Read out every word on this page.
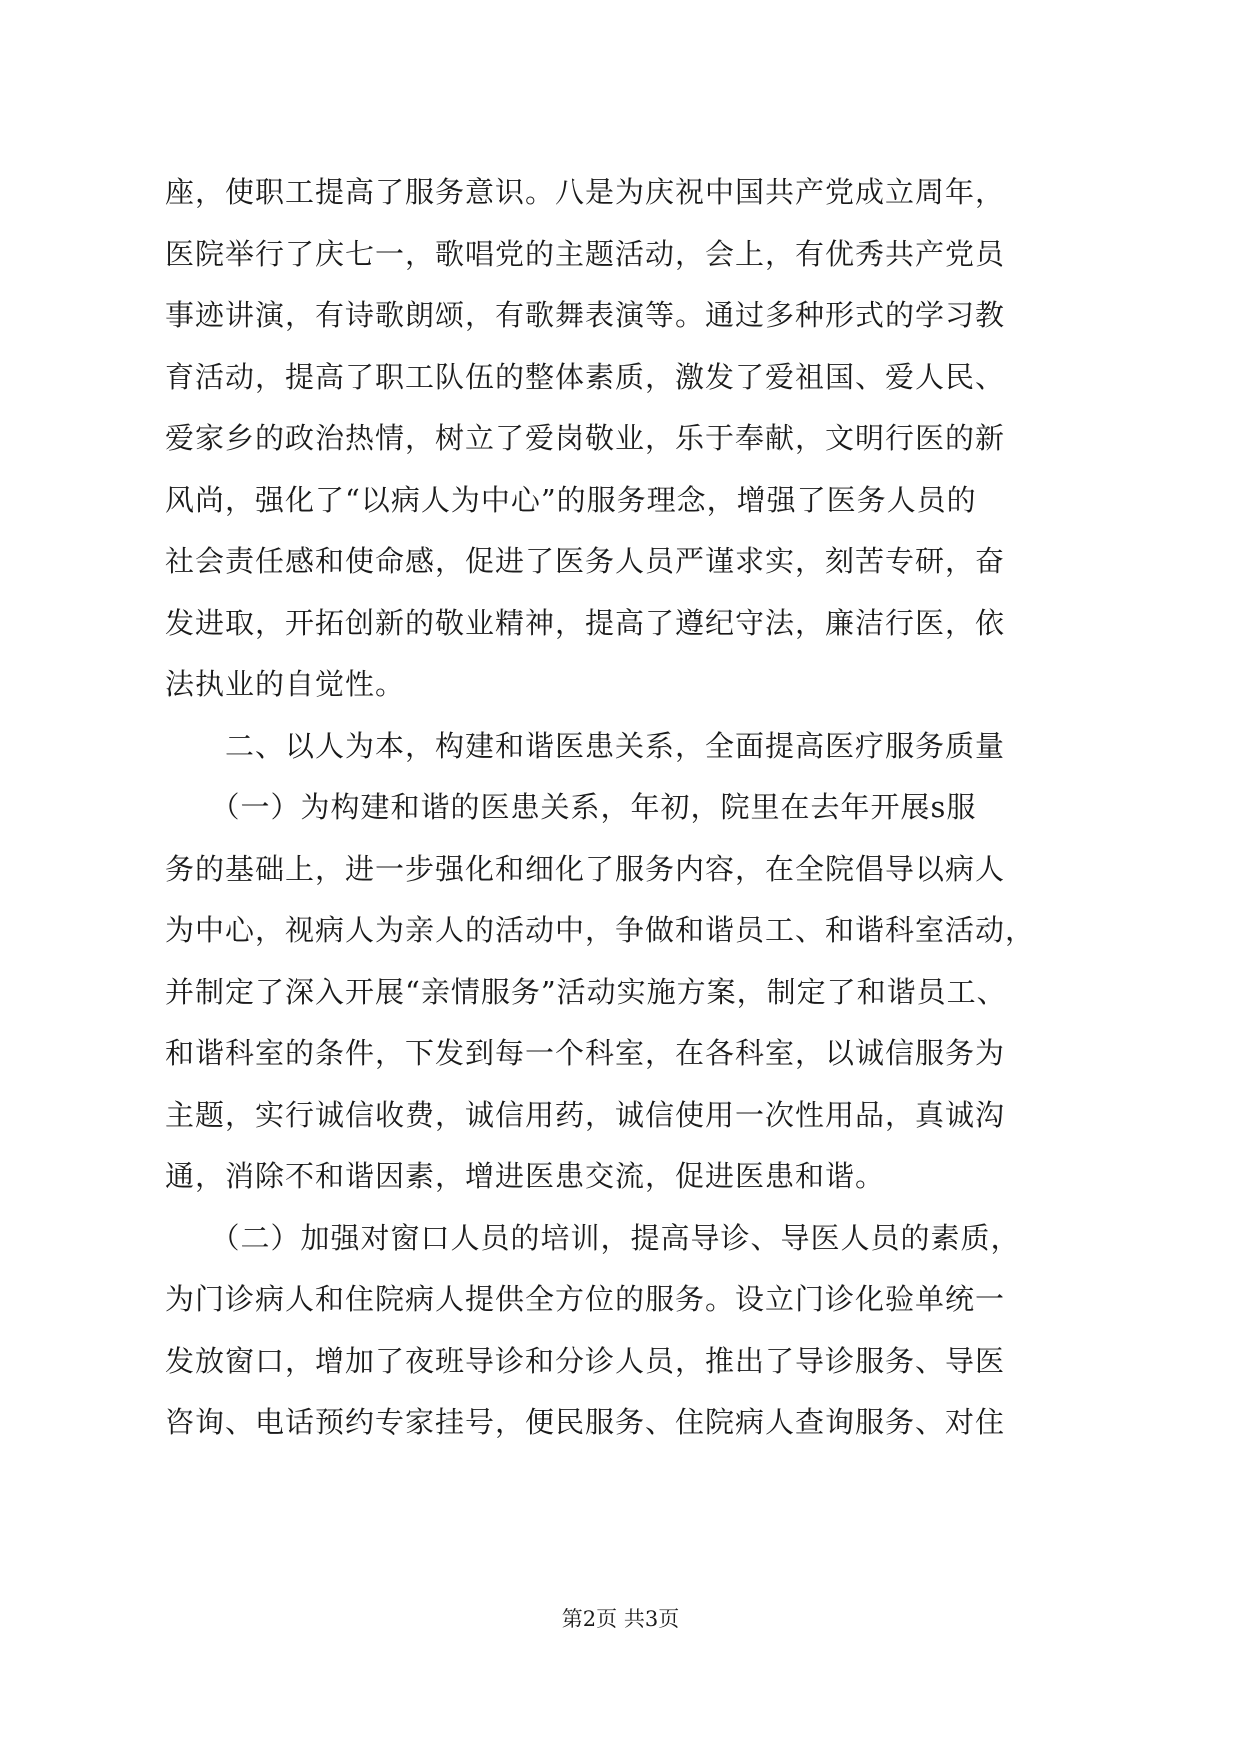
座，使职工提高了服务意识。八是为庆祝中国共产党成立周年，
医院举行了庆七一，歌唱党的主题活动，会上，有优秀共产党员
事迹讲演，有诗歌朗颂，有歌舞表演等。通过多种形式的学习教
育活动，提高了职工队伍的整体素质，激发了爱祖国、爱人民、
爱家乡的政治热情，树立了爱岗敬业，乐于奉献，文明行医的新
风尚，强化了“以病人为中心”的服务理念，增强了医务人员的
社会责任感和使命感，促进了医务人员严谨求实，刻苦专研，奋
发进取，开拓创新的敬业精神，提高了遵纪守法，廉洁行医，依
法执业的自觉性。
　　二、以人为本，构建和谐医患关系，全面提高医疗服务质量
　　（一）为构建和谐的医患关系，年初，院里在去年开展s服
务的基础上，进一步强化和细化了服务内容，在全院倡导以病人
为中心，视病人为亲人的活动中，争做和谐员工、和谐科室活动，
并制定了深入开展“亲情服务”活动实施方案，制定了和谐员工、
和谐科室的条件，下发到每一个科室，在各科室，以诚信服务为
主题，实行诚信收费，诚信用药，诚信使用一次性用品，真诚沟
通，消除不和谐因素，增进医患交流，促进医患和谐。
　　（二）加强对窗口人员的培训，提高导诊、导医人员的素质，
为门诊病人和住院病人提供全方位的服务。设立门诊化验单统一
发放窗口，增加了夜班导诊和分诊人员，推出了导诊服务、导医
咨询、电话预约专家挂号，便民服务、住院病人查询服务、对住
第2页 共3页
